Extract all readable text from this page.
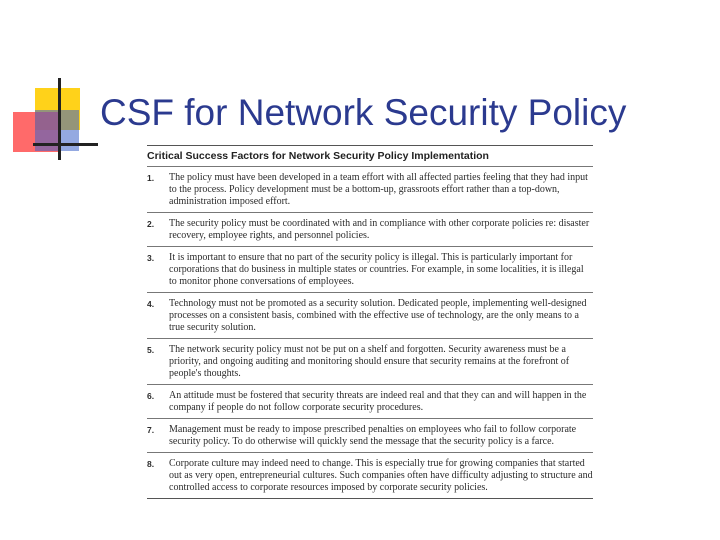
CSF for Network Security Policy
Critical Success Factors for Network Security Policy Implementation
1.	The policy must have been developed in a team effort with all affected parties feeling that they had input to the process. Policy development must be a bottom-up, grassroots effort rather than a top-down, administration imposed effort.
2.	The security policy must be coordinated with and in compliance with other corporate policies re: disaster recovery, employee rights, and personnel policies.
3.	It is important to ensure that no part of the security policy is illegal. This is particularly important for corporations that do business in multiple states or countries. For example, in some localities, it is illegal to monitor phone conversations of employees.
4.	Technology must not be promoted as a security solution. Dedicated people, implementing well-designed processes on a consistent basis, combined with the effective use of technology, are the only means to a true security solution.
5.	The network security policy must not be put on a shelf and forgotten. Security awareness must be a priority, and ongoing auditing and monitoring should ensure that security remains at the forefront of people's thoughts.
6.	An attitude must be fostered that security threats are indeed real and that they can and will happen in the company if people do not follow corporate security procedures.
7.	Management must be ready to impose prescribed penalties on employees who fail to follow corporate security policy. To do otherwise will quickly send the message that the security policy is a farce.
8.	Corporate culture may indeed need to change. This is especially true for growing companies that started out as very open, entrepreneurial cultures. Such companies often have difficulty adjusting to structure and controlled access to corporate resources imposed by corporate security policies.
